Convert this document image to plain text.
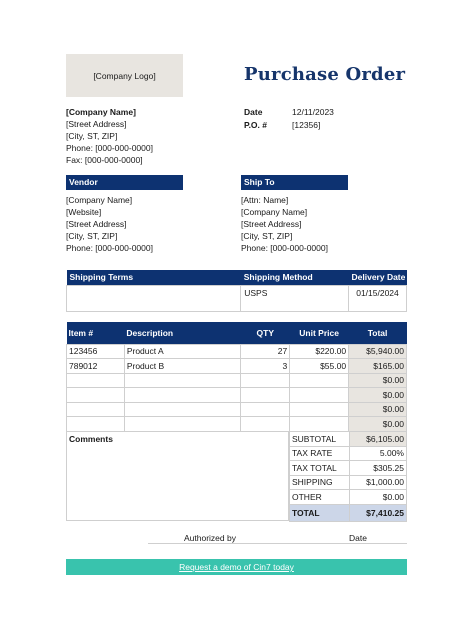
[Company Logo]	Purchase Order
[Company Name]
[Street Address]
[City, ST, ZIP]
Phone: [000-000-0000]
Fax: [000-000-0000]
Date	12/11/2023
P.O. #	[12356]
Vendor
[Company Name]
[Website]
[Street Address]
[City, ST, ZIP]
Phone: [000-000-0000]
Ship To
[Attn: Name]
[Company Name]
[Street Address]
[City, ST, ZIP]
Phone: [000-000-0000]
Shipping Terms	Shipping Method	Delivery Date
	USPS	01/15/2024
Item #	Description	QTY	Unit Price	Total
123456	Product A	27	$220.00	$5,940.00
789012	Product B	3	$55.00	$165.00
				$0.00
				$0.00
				$0.00
				$0.00
Comments	SUBTOTAL	$6,105.00
TAX RATE	5.00%
TAX TOTAL	$305.25
SHIPPING	$1,000.00
OTHER	$0.00
TOTAL	$7,410.25
Authorized by	Date
Request a demo of Cin7 today
